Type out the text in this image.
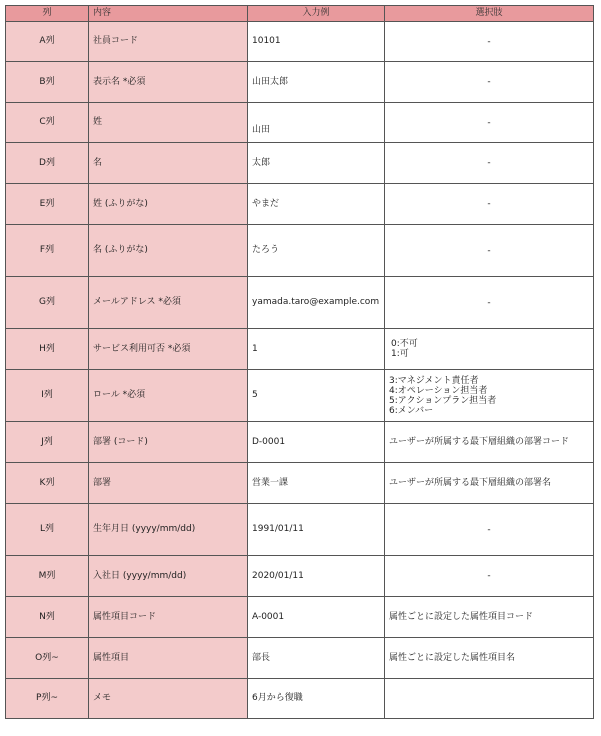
列	内容	入力例	選択肢
A列	社員コード	10101	-

B列	表示名 *必須	山田太郎	-

C列	姓	山田	-

D列	名	太郎	-

E列	姓 (ふりがな)	やまだ	-

F列	名 (ふりがな)	たろう	-

G列	メールアドレス *必須	yamada.taro@example.com	-

H列	サービス利用可否 *必須	1	0:不可
1:可

I列	ロール *必須	5	3:マネジメント責任者
4:オペレーション担当者
5:アクションプラン担当者
6:メンバー

J列	部署 (コード)	D-0001	ユーザーが所属する最下層組織の部署コード

K列	部署	営業一課	ユーザーが所属する最下層組織の部署名

L列	生年月日 (yyyy/mm/dd)	1991/01/11	-

M列	入社日 (yyyy/mm/dd)	2020/01/11	-

N列	属性項目コード	A-0001	属性ごとに設定した属性項目コード

O列~	属性項目	部長	属性ごとに設定した属性項目名

P列~	メモ	6月から復職	
